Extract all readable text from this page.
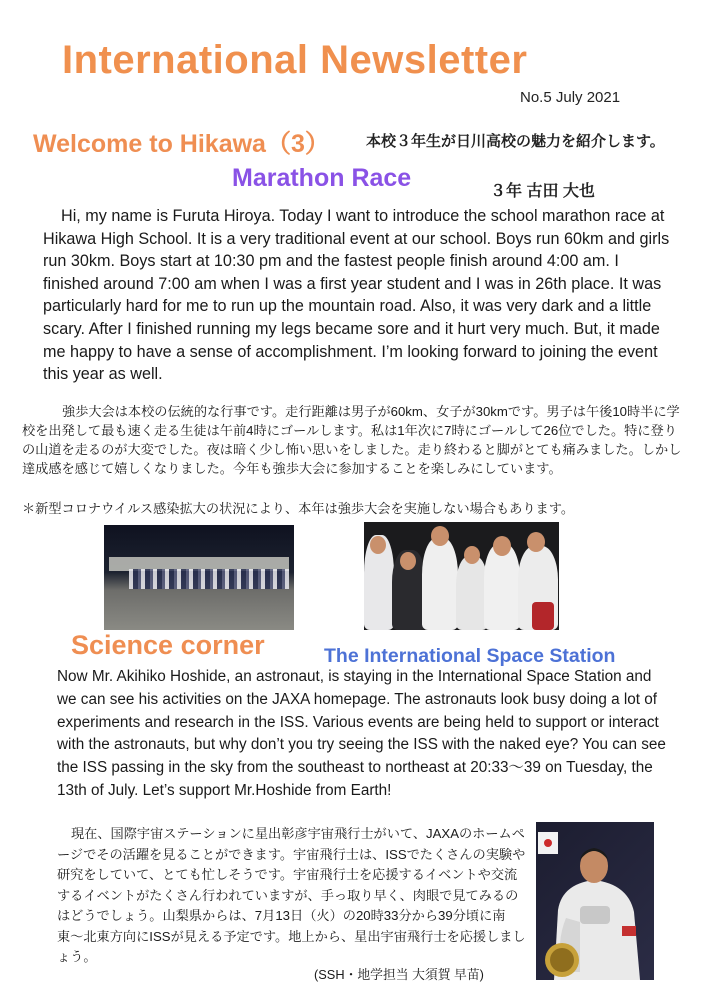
International Newsletter
No.5 July 2021
Welcome to Hikawa（3） 本校３年生が日川高校の魅力を紹介します。
Marathon Race	３年 古田 大也
Hi, my name is Furuta Hiroya. Today I want to introduce the school marathon race at Hikawa High School. It is a very traditional event at our school. Boys run 60km and girls run 30km. Boys start at 10:30 pm and the fastest people finish around 4:00 am. I finished around 7:00 am when I was a first year student and I was in 26th place. It was particularly hard for me to run up the mountain road. Also, it was very dark and a little scary. After I finished running my legs became sore and it hurt very much. But, it made me happy to have a sense of accomplishment. I’m looking forward to joining the event this year as well.
強歩大会は本校の伝統的な行事です。走行距離は男子が60km、女子が30kmです。男子は午後10時半に学校を出発して最も速く走る生徒は午前4時にゴールします。私は1年次に7時にゴールして26位でした。特に登りの山道を走るのが大変でした。夜は暗く少し怖い思いをしました。走り終わると脚がとても痛みました。しかし達成感を感じて嬉しくなりました。今年も強歩大会に参加することを楽しみにしています。
＊新型コロナウイルス感染拡大の状況により、本年は強歩大会を実施しない場合もあります。
Science corner	The International Space Station
Now Mr. Akihiko Hoshide, an astronaut, is staying in the International Space Station and we can see his activities on the JAXA homepage. The astronauts look busy doing a lot of experiments and research in the ISS. Various events are being held to support or interact with the astronauts, but why don’t you try seeing the ISS with the naked eye? You can see the ISS passing in the sky from the southeast to northeast at 20:33〜39 on Tuesday, the 13th of July. Let’s support Mr.Hoshide from Earth!
現在、国際宇宙ステーションに星出彰彦宇宙飛行士がいて、JAXAのホームページでその活躍を見ることができます。宇宙飛行士は、ISSでたくさんの実験や研究をしていて、とても忙しそうです。宇宙飛行士を応援するイベントや交流するイベントがたくさん行われていますが、手っ取り早く、肉眼で見てみるのはどうでしょう。山梨県からは、7月13日（火）の20時33分から39分頃に南東〜北東方向にISSが見える予定です。地上から、星出宇宙飛行士を応援しましょう。
(SSH・地学担当 大須賀 早苗)
